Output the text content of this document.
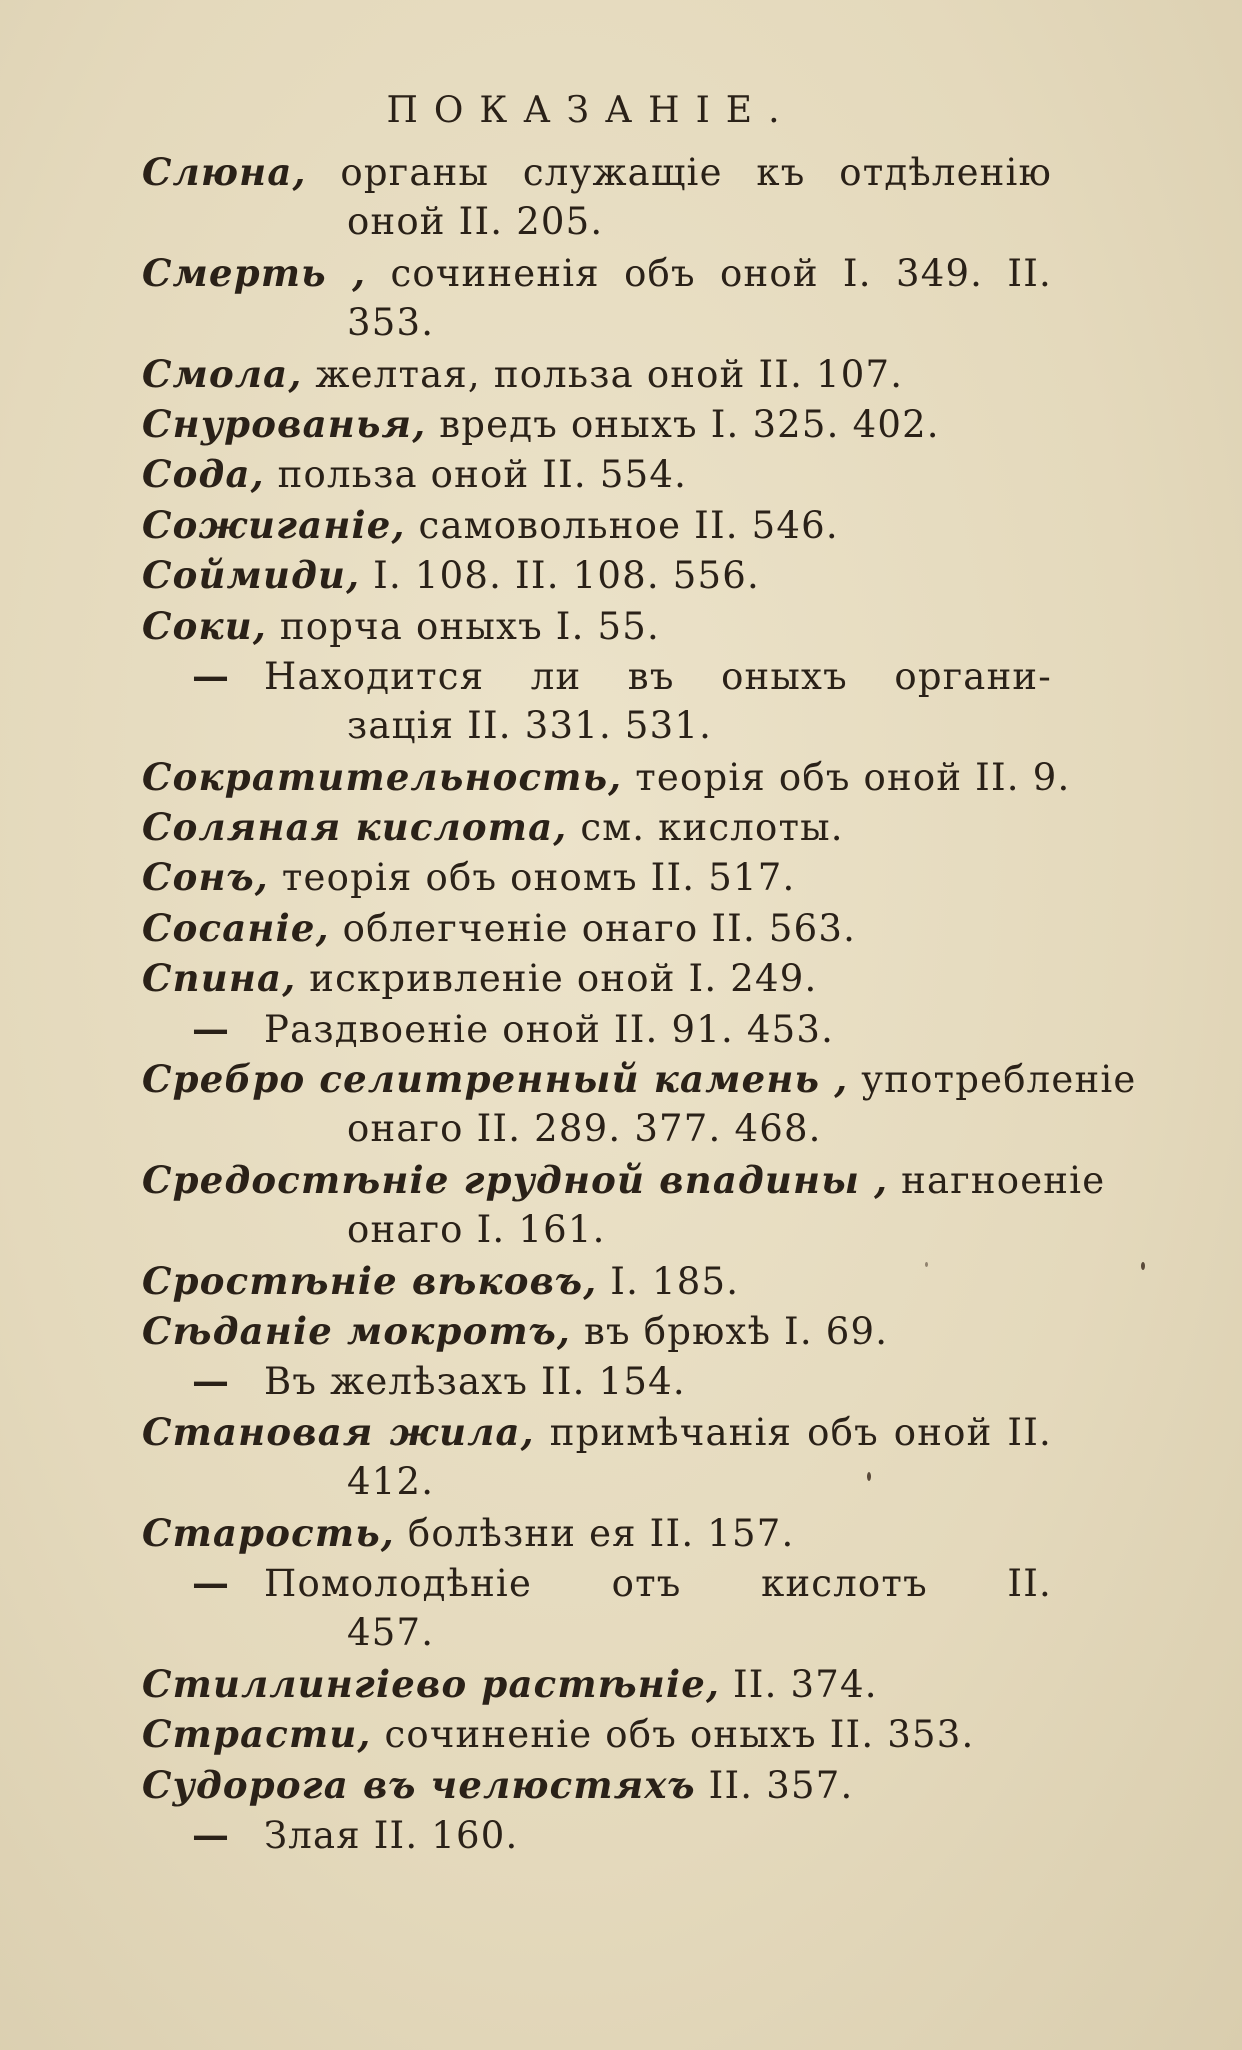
ПОКАЗАНІЕ.
Слюна, органы служащіе къ отдѣленію
оной II. 205.
Смерть , сочиненія объ оной I. 349. II.
353.
Смола, желтая, польза оной II. 107.
Снурованья, вредъ оныхъ I. 325. 402.
Сода, польза оной II. 554.
Сожиганіе, самовольное II. 546.
Соймиди, I. 108. II. 108. 556.
Соки, порча оныхъ I. 55.
— Находится ли въ оныхъ органи-
зація II. 331. 531.
Сократительность, теорія объ оной II. 9.
Соляная кислота, см. кислоты.
Сонъ, теорія объ ономъ II. 517.
Сосаніе, облегченіе онаго II. 563.
Спина, искривленіе оной I. 249.
— Раздвоеніе оной II. 91. 453.
Сребро селитренный камень , употребленіе
онаго II. 289. 377. 468.
Средостѣніе грудной впадины , нагноеніе
онаго I. 161.
Сростѣніе вѣковъ, I. 185.
Сѣданіе мокротъ, въ брюхѣ I. 69.
— Въ желѣзахъ II. 154.
Становая жила, примѣчанія объ оной II.
412.
Старость, болѣзни ея II. 157.
— Помолодѣніе отъ кислотъ II.
457.
Стиллингіево растѣніе, II. 374.
Страсти, сочиненіе объ оныхъ II. 353.
Судорога въ челюстяхъ II. 357.
— Злая II. 160.
